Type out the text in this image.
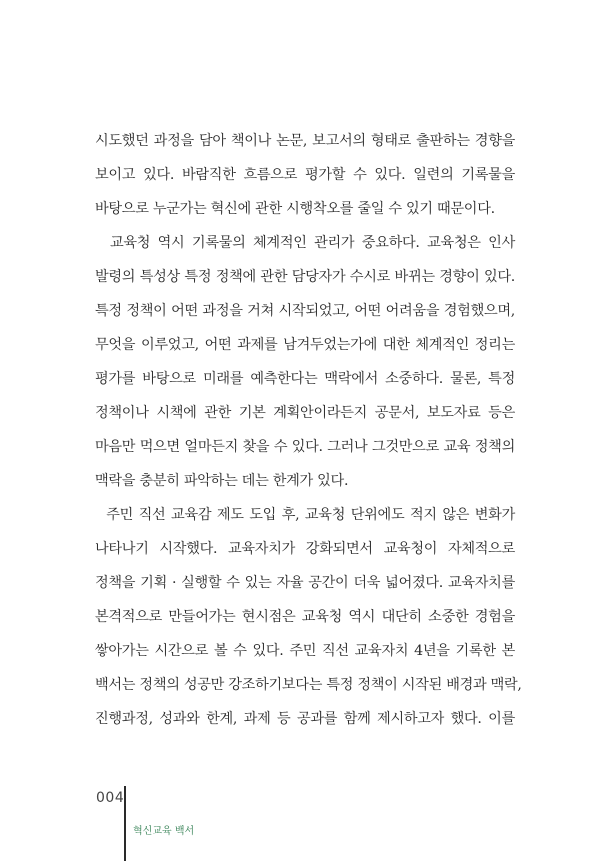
시도했던 과정을 담아 책이나 논문, 보고서의 형태로 출판하는 경향을
보이고 있다. 바람직한 흐름으로 평가할 수 있다. 일련의 기록물을
바탕으로 누군가는 혁신에 관한 시행착오를 줄일 수 있기 때문이다.
교육청 역시 기록물의 체계적인 관리가 중요하다. 교육청은 인사
발령의 특성상 특정 정책에 관한 담당자가 수시로 바뀌는 경향이 있다.
특정 정책이 어떤 과정을 거쳐 시작되었고, 어떤 어려움을 경험했으며,
무엇을 이루었고, 어떤 과제를 남겨두었는가에 대한 체계적인 정리는
평가를 바탕으로 미래를 예측한다는 맥락에서 소중하다. 물론, 특정
정책이나 시책에 관한 기본 계획안이라든지 공문서, 보도자료 등은
마음만 먹으면 얼마든지 찾을 수 있다. 그러나 그것만으로 교육 정책의
맥락을 충분히 파악하는 데는 한계가 있다.
주민 직선 교육감 제도 도입 후, 교육청 단위에도 적지 않은 변화가
나타나기 시작했다. 교육자치가 강화되면서 교육청이 자체적으로
정책을 기획 · 실행할 수 있는 자율 공간이 더욱 넓어졌다. 교육자치를
본격적으로 만들어가는 현시점은 교육청 역시 대단히 소중한 경험을
쌓아가는 시간으로 볼 수 있다. 주민 직선 교육자치 4년을 기록한 본
백서는 정책의 성공만 강조하기보다는 특정 정책이 시작된 배경과 맥락,
진행과정, 성과와 한계, 과제 등 공과를 함께 제시하고자 했다. 이를
004
혁신교육 백서
